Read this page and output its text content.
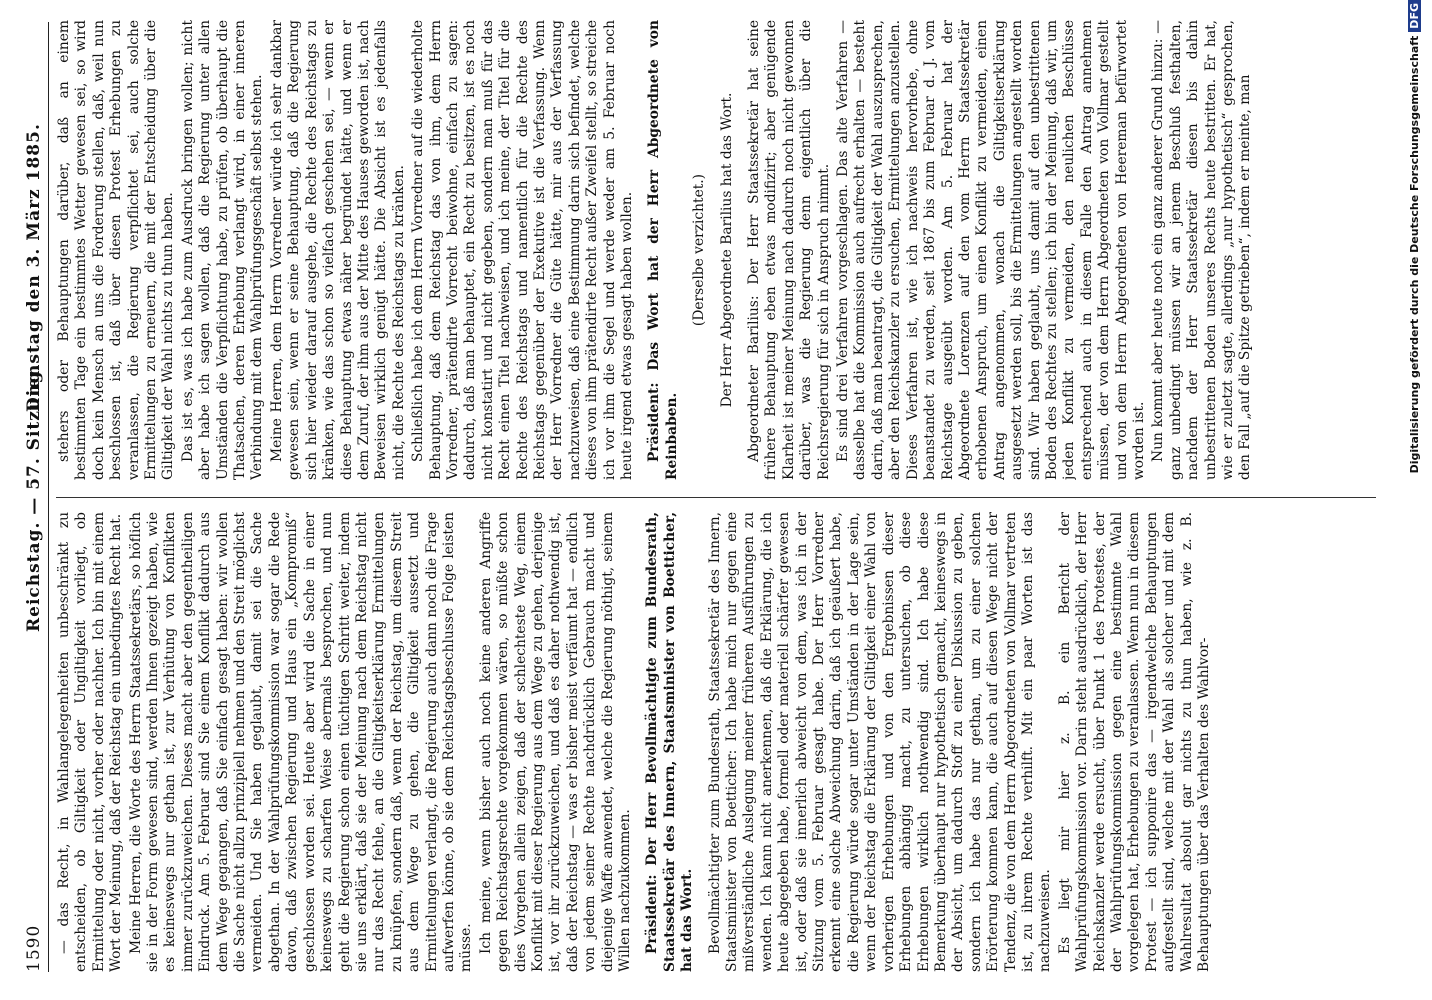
1590
Reichstag. — 57. Sitzung.
Dienstag den 3. März 1885.

— das Recht, in Wahlangelegenheiten unbeschränkt zu entscheiden, ob Giltigkeit oder Ungiltigkeit vorliegt, ob Ermittelung oder nicht, vorher oder nachher. Ich bin mit einem Wort der Meinung, daß der Reichstag ein unbedingtes Recht hat. Meine Herren, die Worte des Herrn Staatssekretärs, so höflich sie in der Form gewesen sind, werden Ihnen gezeigt haben, wie es keineswegs nur gethan ist, zur Verhütung von Konflikten immer zurückzuweichen. Dieses macht aber den gegentheiligen Eindruck. Am 5. Februar sind Sie einem Konflikt dadurch aus dem Wege gegangen, daß Sie einfach gesagt haben: wir wollen die Sache nicht allzu prinzipiell nehmen und den Streit möglichst vermeiden. Und Sie haben geglaubt, damit sei die Sache abgethan. In der Wahlprüfungskommission war sogar die Rede davon, daß zwischen Regierung und Haus ein „Kompromiß“ geschlossen worden sei. Heute aber wird die Sache in einer keineswegs zu scharfen Weise abermals besprochen, und nun geht die Regierung schon einen tüchtigen Schritt weiter, indem sie uns erklärt, daß sie der Meinung nach dem Reichstag nicht nur das Recht fehle, an die Giltigkeitserklärung Ermittelungen zu knüpfen, sondern daß, wenn der Reichstag, um diesem Streit aus dem Wege zu gehen, die Giltigkeit aussetzt und Ermittelungen verlangt, die Regierung auch dann noch die Frage aufwerfen könne, ob sie dem Reichstagsbeschlusse Folge leisten müsse. Ich meine, wenn bisher auch noch keine anderen Angriffe gegen Reichstagsrechte vorgekommen wären, so müßte schon dies Vorgehen allein zeigen, daß der schlechteste Weg, einem Konflikt mit dieser Regierung aus dem Wege zu gehen, derjenige ist, vor ihr zurückzuweichen, und daß es daher nothwendig ist, daß der Reichstag — was er bisher meist verfäumt hat — endlich von jedem seiner Rechte nachdrücklich Gebrauch macht und diejenige Waffe anwendet, welche die Regierung nöthigt, seinem Willen nachzukommen. Präsident: Der Herr Bevollmächtigte zum Bundesrath, Staatssekretär des Innern, Staatsminister von Boetticher, hat das Wort. Bevollmächtigter zum Bundesrath, Staatssekretär des Innern, Staatsminister von Boetticher: Ich habe mich nur gegen eine mißverständliche Auslegung meiner früheren Ausführungen zu wenden. Ich kann nicht anerkennen, daß die Erklärung, die ich heute abgegeben habe, formell oder materiell schärfer gewesen ist, oder daß sie innerlich abweicht von dem, was ich in der Sitzung vom 5. Februar gesagt habe. Der Herr Vorredner erkennt eine solche Abweichung darin, daß ich geäußert habe, die Regierung würde sogar unter Umständen in der Lage sein, wenn der Reichstag die Erklärung der Giltigkeit einer Wahl von vorherigen Erhebungen und von den Ergebnissen dieser Erhebungen abhängig macht, zu untersuchen, ob diese Erhebungen wirklich nothwendig sind. Ich habe diese Bemerkung überhaupt nur hypothetisch gemacht, keineswegs in der Absicht, um dadurch Stoff zu einer Diskussion zu geben, sondern ich habe das nur gethan, um zu einer solchen Erörterung kommen kann, die auch auf diesen Wege nicht der Tendenz, die von dem Herrn Abgeordneten von Vollmar vertreten ist, zu ihrem Rechte verhilft. Mit ein paar Worten ist das nachzuweisen. Es liegt mir hier z. B. ein Bericht der Wahlprüfungskommission vor. Darin steht ausdrücklich, der Herr Reichskanzler werde ersucht, über Punkt 1 des Protestes, der der Wahlprüfungskommission gegen eine bestimmte Wahl vorgelegen hat, Erhebungen zu veranlassen. Wenn nun in diesem Protest — ich supponire das — irgendwelche Behauptungen aufgestellt sind, welche mit der Wahl als solcher und mit dem Wahlresultat absolut gar nichts zu thun haben, wie z. B. Behauptungen über das Verhalten des Wahlvor-

stehers oder Behauptungen darüber, daß an einem bestimmten Tage ein bestimmtes Wetter gewesen sei, so wird doch kein Mensch an uns die Forderung stellen, daß, weil nun beschlossen ist, daß über diesen Protest Erhebungen zu veranlassen, die Regierung verpflichtet sei, auch solche Ermittelungen zu erneuern, die mit der Entscheidung über die Giltigkeit der Wahl nichts zu thun haben. Das ist es, was ich habe zum Ausdruck bringen wollen; nicht aber habe ich sagen wollen, daß die Regierung unter allen Umständen die Verpflichtung habe, zu prüfen, ob überhaupt die Thatsachen, deren Erhebung verlangt wird, in einer inneren Verbindung mit dem Wahlprüfungsgeschäft selbst stehen. Meine Herren, dem Herrn Vorredner würde ich sehr dankbar gewesen sein, wenn er seine Behauptung, daß die Regierung sich hier wieder darauf ausgehe, die Rechte des Reichstags zu kränken, wie das schon so vielfach geschehen sei, — wenn er diese Behauptung etwas näher begründet hätte, und wenn er dem Zuruf, der ihm aus der Mitte des Hauses geworden ist, nach Beweisen wirklich genügt hätte. Die Absicht ist es jedenfalls nicht, die Rechte des Reichstags zu kränken. Schließlich habe ich dem Herrn Vorredner auf die wiederholte Behauptung, daß dem Reichstag das von ihm, dem Herrn Vorredner, prätendirte Vorrecht beiwohne, einfach zu sagen: dadurch, daß man behauptet, ein Recht zu besitzen, ist es noch nicht konstatirt und nicht gegeben, sondern man muß für das Recht einen Titel nachweisen, und ich meine, der Titel für die Rechte des Reichstags und namentlich für die Rechte des Reichstags gegenüber der Exekutive ist die Verfassung. Wenn der Herr Vorredner die Güte hätte, mir aus der Verfassung nachzuweisen, daß eine Bestimmung darin sich befindet, welche dieses von ihm prätendirte Recht außer Zweifel stellt, so streiche ich vor ihm die Segel und werde weder am 5. Februar noch heute irgend etwas gesagt haben wollen. Präsident: Das Wort hat der Herr Abgeordnete von Reinbaben.

(Derselbe verzichtet.) Der Herr Abgeordnete Barilius hat das Wort. Abgeordneter Barilius: Der Herr Staatssekretär hat seine frühere Behauptung eben etwas modifizirt; aber genügende Klarheit ist meiner Meinung nach dadurch noch nicht gewonnen darüber, was die Regierung denn eigentlich über die Reichsregierung für sich in Anspruch nimmt. Es sind drei Verfahren vorgeschlagen. Das alte Verfahren — dasselbe hat die Kommission auch aufrecht erhalten — besteht darin, daß man beantragt, die Giltigkeit der Wahl auszusprechen, aber den Reichskanzler zu ersuchen, Ermittelungen anzustellen. Dieses Verfahren ist, wie ich nachweis hervorhebe, ohne beanstandet zu werden, seit 1867 bis zum Februar d. J. vom Reichstage ausgeübt worden. Am 5. Februar hat der Abgeordnete Lorenzen auf den vom Herrn Staatssekretär erhobenen Anspruch, um einen Konflikt zu vermeiden, einen Antrag angenommen, wonach die Giltigkeitserklärung ausgesetzt werden soll, bis die Ermittelungen angestellt worden sind. Wir haben geglaubt, uns damit auf den unbestrittenen Boden des Rechtes zu stellen; ich bin der Meinung, daß wir, um jeden Konflikt zu vermeiden, den neulichen Beschlüsse entsprechend auch in diesem Falle den Antrag annehmen müssen, der von dem Herrn Abgeordneten von Vollmar gestellt und von dem Herrn Abgeordneten von Heereman befürwortet worden ist. Nun kommt aber heute noch ein ganz anderer Grund hinzu: — ganz unbedingt müssen wir an jenem Beschluß festhalten, nachdem der Herr Staatssekretär diesen bis dahin unbestrittenen Boden unseres Rechts heute bestritten. Er hat, wie er zuletzt sagte, allerdings „nur hypothetisch“ gesprochen, den Fall „auf die Spitze getrieben“, indem er meinte, man	Digitalisierung gefördert durch die Deutsche ForschungsgemeinschaftDFG
